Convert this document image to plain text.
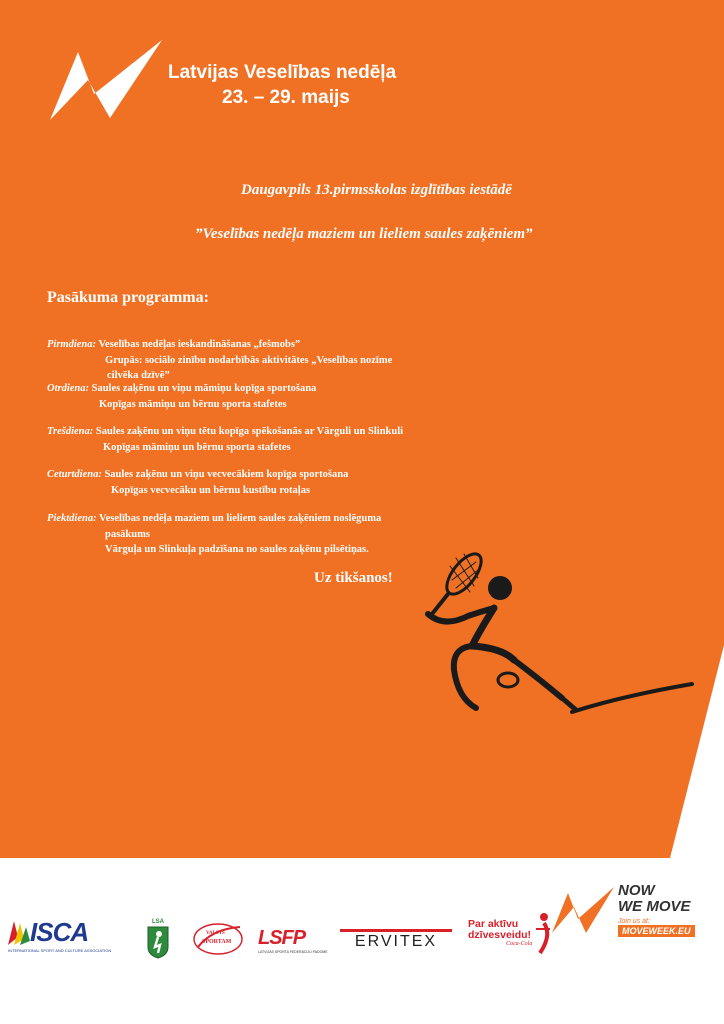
Latvijas Veselības nedēļa
23. – 29. maijs
Daugavpils 13.pirmsskolas izglītības iestādē
”Veselības nedēļa maziem un lieliem saules zaķēniem”
Pasākuma programma:
Pirmdiena: Veselības nedēļas ieskandināšanas „fešmobs”
Grupās: sociālo zinību nodarbībās aktivitātes „Veselības nozīme
cilvēka dzīvē”
Otrdiena: Saules zaķēnu un viņu māmiņu kopīga sportošana
Kopīgas māmiņu un bērnu sporta stafetes
Trešdiena: Saules zaķēnu un viņu tētu kopīga spēkošanās ar Vārguli un Slinkuli
Kopīgas māmiņu un bērnu sporta stafetes
Ceturtdiena: Saules zaķēnu un viņu vecvecākiem kopīga sportošana
Kopīgas vecvecāku un bērnu kustību rotaļas
Piektdiena: Veselības nedēļa maziem un lieliem saules zaķēniem noslēguma
pasākums
Vārguļa un Slinkuļa padzīšana no saules zaķēnu pilsētiņas.
Uz tikšanos!
ISCA
INTERNATIONAL SPORT AND CULTURE ASSOCIATION
LSA
VALSTS
SPORTAM LSFP
LATVIJAS SPORTA FEDERĀCIJU PADOME
ERVITEX
Par aktīvu
dzīvesveidu!
Coca-Cola
NOW
WE MOVE
Join us at:
MOVEWEEK.EU
